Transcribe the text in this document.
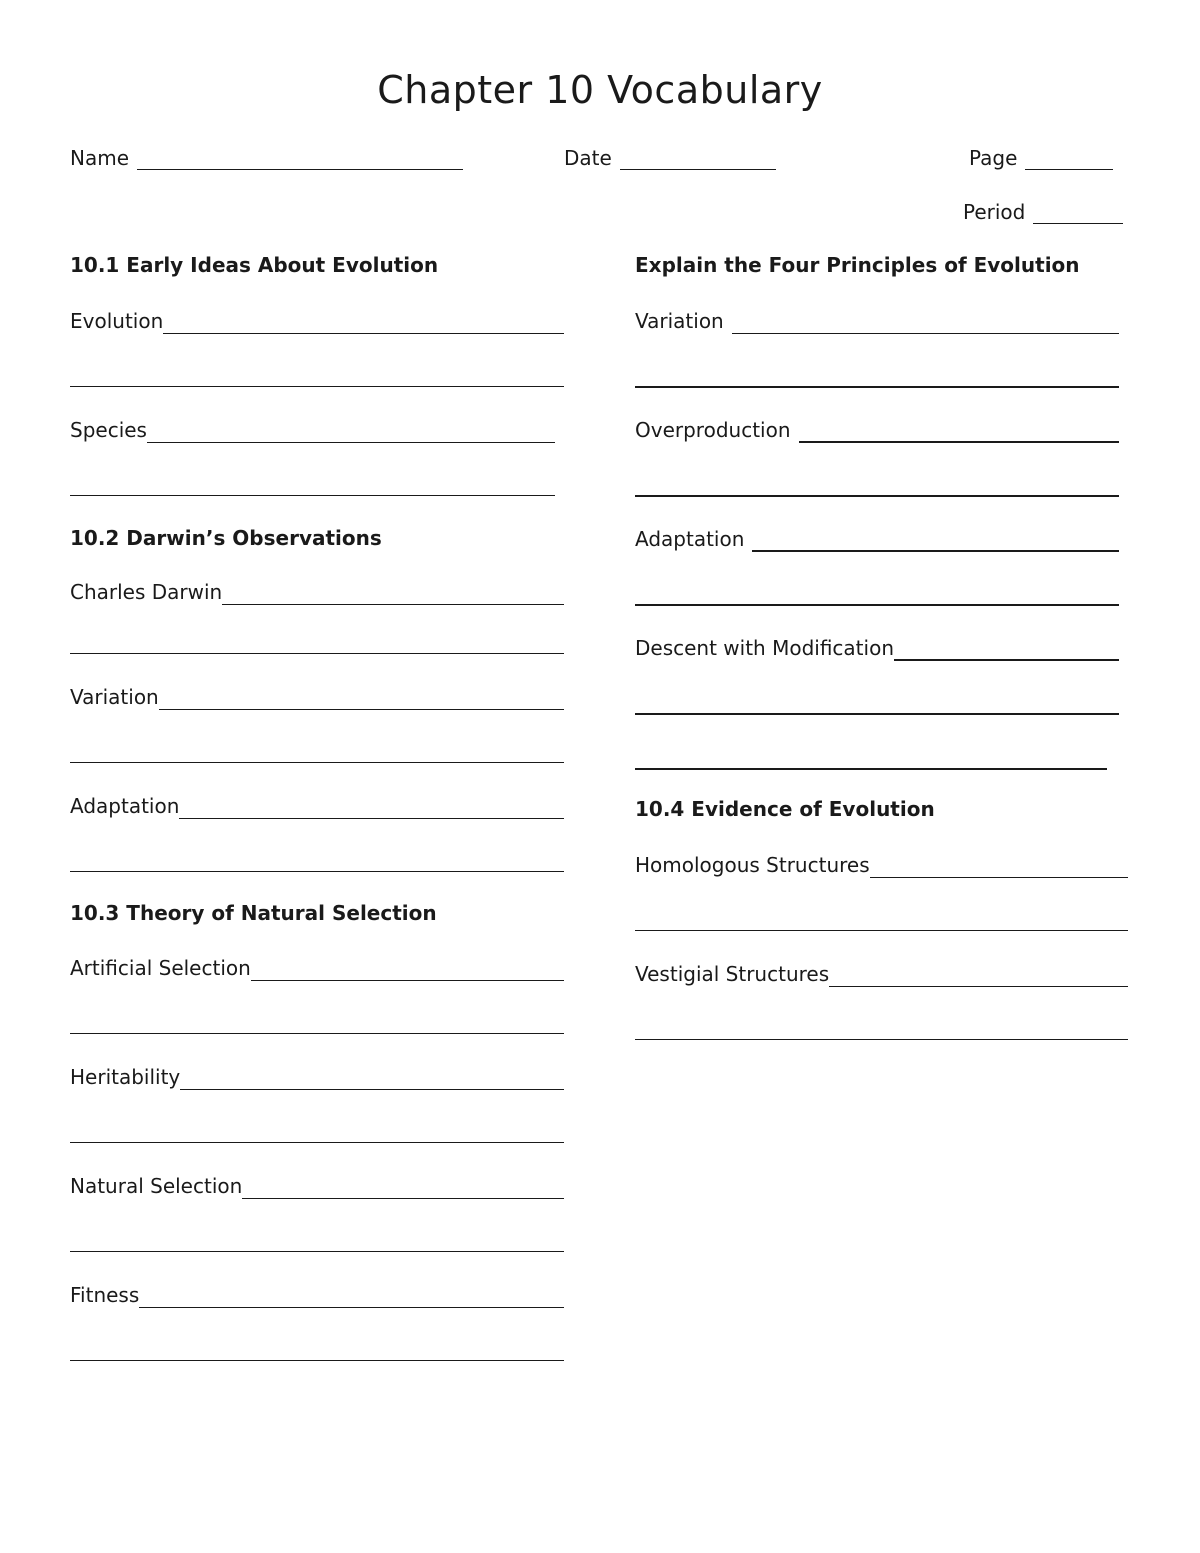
Chapter 10 Vocabulary
Name	Date	Page
Period
10.1 Early Ideas About Evolution
Evolution
Species
10.2 Darwin’s Observations
Charles Darwin
Variation
Adaptation
10.3 Theory of Natural Selection
Artificial Selection
Heritability
Natural Selection
Fitness
Explain the Four Principles of Evolution
Variation
Overproduction
Adaptation
Descent with Modification
10.4 Evidence of Evolution
Homologous Structures
Vestigial Structures
